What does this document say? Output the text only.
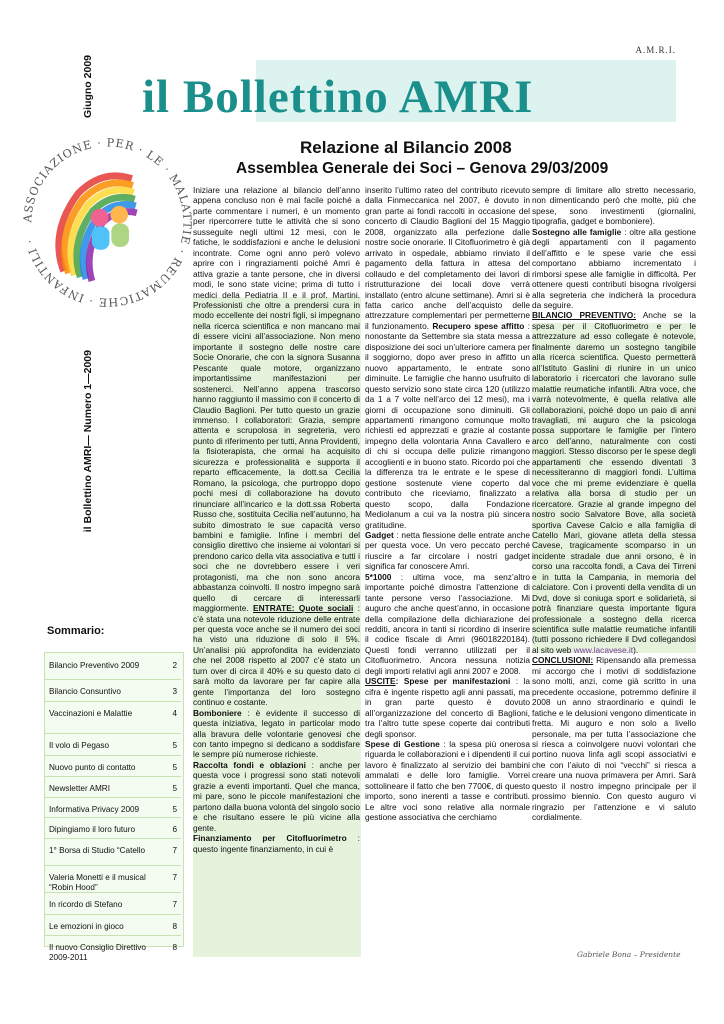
A.M.R.I.
il Bollettino AMRI
Giugno 2009
il Bollettino AMRI— Numero 1—2009
ASSOCIAZIONE · PER · LE · MALATTIE · REUMATICHE · INFANTILI ·
Relazione al Bilancio 2008
Assemblea Generale dei Soci – Genova 29/03/2009
Sommario:
Bilancio Preventivo 2009	2
Bilancio Consuntivo	3
Vaccinazioni e Malattie	4
Il volo di Pegaso	5
Nuovo punto di contatto	5
Newsletter AMRI	5
Informativa Privacy 2009	5
Dipingiamo il loro futuro	6
1° Borsa di Studio “Catello	7
Valeria Monetti e il musical “Robin Hood”
7
In ricordo di Stefano	7
Le emozioni in gioco	8
Il nuovo Consiglio Direttivo 2009-2011
8

Iniziare una relazione al bilancio dell’anno appena concluso non è mai facile poiché a parte commentare i numeri, è un momento per ripercorrere tutte le attività che si sono susseguite negli ultimi 12 mesi, con le fatiche, le soddisfazioni e anche le delusioni incontrate. Come ogni anno però volevo aprire con i ringraziamenti poiché Amri è attiva grazie a tante persone, che in diversi modi, le sono state vicine; prima di tutto i medici della Pediatria II e il prof. Martini. Professionisti che oltre a prendersi cura in modo eccellente dei nostri figli, si impegnano nella ricerca scientifica e non mancano mai di essere vicini all’associazione. Non meno importante il sostegno delle nostre care Socie Onorarie, che con la signora Susanna Pescante quale motore, organizzano importantissime manifestazioni per sostenerci. Nell’anno appena trascorso hanno raggiunto il massimo con il concerto di Claudio Baglioni. Per tutto questo un grazie immenso. I collaboratori: Grazia, sempre attenta e scrupolosa in segreteria, vero punto di riferimento per tutti, Anna Providenti, la fisioterapista, che ormai ha acquisito sicurezza e professionalità e supporta il reparto efficacemente, la dott.sa Cecilia Romano, la psicologa, che purtroppo dopo pochi mesi di collaborazione ha dovuto rinunciare all’incarico e la dott.ssa Roberta Russo che, sostituita Cecilia nell’autunno, ha subito dimostrato le sue capacità verso bambini e famiglie. Infine i membri del consiglio direttivo che insieme ai volontari si prendono carico della vita associativa e tutti i soci che ne dovrebbero essere i veri protagonisti, ma che non sono ancora abbastanza coinvolti. Il nostro impegno sarà quello di cercare di interessarli maggiormente. ENTRATE: Quote sociali : c’è stata una notevole riduzione delle entrate per questa voce anche se il numero dei soci ha visto una riduzione di solo il 5%. Un’analisi più approfondita ha evidenziato che nel 2008 rispetto al 2007 c’è stato un turn over di circa il 40% e su questo dato ci sarà molto da lavorare per far capire alla gente l’importanza del loro sostegno continuo e costante.

Bomboniere : è evidente il successo di questa iniziativa, legato in particolar modo alla bravura delle volontarie genovesi che con tanto impegno si dedicano a soddisfare le sempre più numerose richieste.

Raccolta fondi e oblazioni : anche per questa voce i progressi sono stati notevoli grazie a eventi importanti. Quel che manca, mi pare, sono le piccole manifestazioni che partono dalla buona volontà del singolo socio e che risultano essere le più vicine alla gente.

Finanziamento per Citofluorimetro : questo ingente finanziamento, in cui è

inserito l’ultimo rateo del contributo ricevuto dalla Finmeccanica nel 2007, è dovuto in gran parte ai fondi raccolti in occasione del concerto di Claudio Baglioni del 15 Maggio 2008, organizzato alla perfezione dalle nostre socie onorarie. Il Citofluorimetro è già arrivato in ospedale, abbiamo rinviato il pagamento della fattura in attesa del collaudo e del completamento dei lavori di ristrutturazione dei locali dove verrà installato (entro alcune settimane). Amri si è fatta carico anche dell’acquisto delle attrezzature complementari per permetterne il funzionamento. Recupero spese affitto : nonostante da Settembre sia stata messa a disposizione dei soci un’ulteriore camera per il soggiorno, dopo aver preso in affitto un nuovo appartamento, le entrate sono diminuite. Le famiglie che hanno usufruito di questo servizio sono state circa 120 (utilizzo da 1 a 7 volte nell’arco dei 12 mesi), ma i giorni di occupazione sono diminuiti. Gli appartamenti rimangono comunque molto richiesti ed apprezzati e grazie al costante impegno della volontaria Anna Cavallero e di chi si occupa delle pulizie rimangono accoglienti e in buono stato. Ricordo poi che la differenza tra le entrate e le spese di gestione sostenute viene coperto dal contributo che riceviamo, finalizzato a questo scopo, dalla Fondazione Mediolanum a cui va la nostra più sincera gratitudine.

Gadget : netta flessione delle entrate anche per questa voce. Un vero peccato perché riuscire a far circolare i nostri gadget significa far conoscere Amri.

5*1000 : ultima voce, ma senz’altro importante poiché dimostra l’attenzione di tante persone verso l’associazione. Mi auguro che anche quest’anno, in occasione della compilazione della dichiarazione dei redditi, ancora in tanti si ricordino di inserire il codice fiscale di Amri (96018220184). Questi fondi verranno utilizzati per il Citofluorimetro. Ancora nessuna notizia degli importi relativi agli anni 2007 e 2008.

USCITE: Spese per manifestazioni : la cifra è ingente rispetto agli anni passati, ma in gran parte questo è dovuto all’organizzazione del concerto di Baglioni, tra l’altro tutte spese coperte dai contributi degli sponsor.

Spese di Gestione : la spesa più onerosa riguarda le collaborazioni e i dipendenti il cui lavoro è finalizzato al servizio dei bambini ammalati e delle loro famiglie. Vorrei sottolineare il fatto che ben 7700€, di questo importo, sono inerenti a tasse e contributi. Le altre voci sono relative alla normale gestione associativa che cerchiamo

sempre di limitare allo stretto necessario, non dimenticando però che molte, più che spese, sono investimenti (giornalini, tipografia, gadget e bomboniere).

Sostegno alle famiglie : oltre alla gestione degli appartamenti con il pagamento dell’affitto e le spese varie che essi comportano abbiamo incrementato i rimborsi spese alle famiglie in difficoltà. Per ottenere questi contributi bisogna rivolgersi alla segreteria che indicherà la procedura da seguire.

BILANCIO PREVENTIVO: Anche se la spesa per il Citofluorimetro e per le attrezzature ad esso collegate è notevole, finalmente daremo un sostegno tangibile alla ricerca scientifica. Questo permetterà all’Istituto Gaslini di riunire in un unico laboratorio i ricercatori che lavorano sulle malattie reumatiche infantili. Altra voce, che varrà notevolmente, è quella relativa alle collaborazioni, poiché dopo un paio di anni travagliati, mi auguro che la psicologa possa supportare le famiglie per l’intero arco dell’anno, naturalmente con costi maggiori. Stesso discorso per le spese degli appartamenti che essendo diventati 3 necessiteranno di maggiori fondi. L’ultima voce che mi preme evidenziare è quella relativa alla borsa di studio per un ricercatore. Grazie al grande impegno del nostro socio Salvatore Bove, alla società sportiva Cavese Calcio e alla famiglia di Catello Mari, giovane atleta della stessa Cavese, tragicamente scomparso in un incidente stradale due anni orsono, è in corso una raccolta fondi, a Cava dei Tirreni e in tutta la Campania, in memoria del calciatore. Con i proventi della vendita di un Dvd, dove si coniuga sport e solidarietà, si potrà finanziare questa importante figura professionale a sostegno della ricerca scientifica sulle malattie reumatiche infantili (tutti possono richiedere il Dvd collegandosi al sito web www.lacavese.it).

CONCLUSIONI: Ripensando alla premessa mi accorgo che i motivi di soddisfazione sono molti, anzi, come già scritto in una precedente occasione, potremmo definire il 2008 un anno straordinario e quindi le fatiche e le delusioni vengono dimenticate in fretta. Mi auguro e non solo a livello personale, ma per tutta l’associazione che si riesca a coinvolgere nuovi volontari che portino nuova linfa agli scopi associativi e che con l’aiuto di noi “vecchi” si riesca a creare una nuova primavera per Amri. Sarà questo il nostro impegno principale per il prossimo biennio. Con questo auguro vi ringrazio per l’attenzione e vi saluto cordialmente.

Gabriele Bona – Presidente
